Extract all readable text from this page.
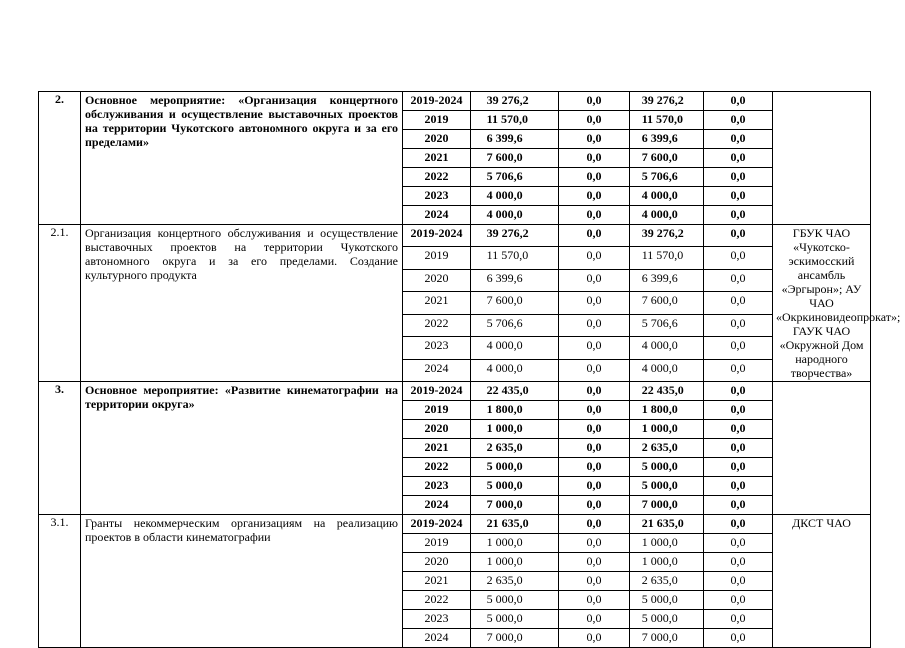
2.	Основное мероприятие: «Организация концертного обслуживания и осуществление выставочных проектов на территории Чукотского автономного округа и за его пределами»	2019-2024	39 276,2	0,0	39 276,2	0,0	
		2019	11 570,0	0,0	11 570,0	0,0	
		2020	6 399,6	0,0	6 399,6	0,0	
		2021	7 600,0	0,0	7 600,0	0,0	
		2022	5 706,6	0,0	5 706,6	0,0	
		2023	4 000,0	0,0	4 000,0	0,0	
		2024	4 000,0	0,0	4 000,0	0,0	
2.1.	Организация концертного обслуживания и осуществление выставочных проектов на территории Чукотского автономного округа и за его пределами. Создание культурного продукта	2019-2024	39 276,2	0,0	39 276,2	0,0	ГБУК ЧАО «Чукотско-эскимосский ансамбль «Эргырон»; АУ ЧАО «Окркиновидеопрокат»; ГАУК ЧАО «Окружной Дом народного творчества»
		2019	11 570,0	0,0	11 570,0	0,0	
		2020	6 399,6	0,0	6 399,6	0,0	
		2021	7 600,0	0,0	7 600,0	0,0	
		2022	5 706,6	0,0	5 706,6	0,0	
		2023	4 000,0	0,0	4 000,0	0,0	
		2024	4 000,0	0,0	4 000,0	0,0	
3.	Основное мероприятие: «Развитие кинематографии на территории округа»	2019-2024	22 435,0	0,0	22 435,0	0,0	
		2019	1 800,0	0,0	1 800,0	0,0	
		2020	1 000,0	0,0	1 000,0	0,0	
		2021	2 635,0	0,0	2 635,0	0,0	
		2022	5 000,0	0,0	5 000,0	0,0	
		2023	5 000,0	0,0	5 000,0	0,0	
		2024	7 000,0	0,0	7 000,0	0,0	
3.1.	Гранты некоммерческим организациям на реализацию проектов в области кинематографии	2019-2024	21 635,0	0,0	21 635,0	0,0	ДКСТ ЧАО
		2019	1 000,0	0,0	1 000,0	0,0	
		2020	1 000,0	0,0	1 000,0	0,0	
		2021	2 635,0	0,0	2 635,0	0,0	
		2022	5 000,0	0,0	5 000,0	0,0	
		2023	5 000,0	0,0	5 000,0	0,0	
		2024	7 000,0	0,0	7 000,0	0,0	
